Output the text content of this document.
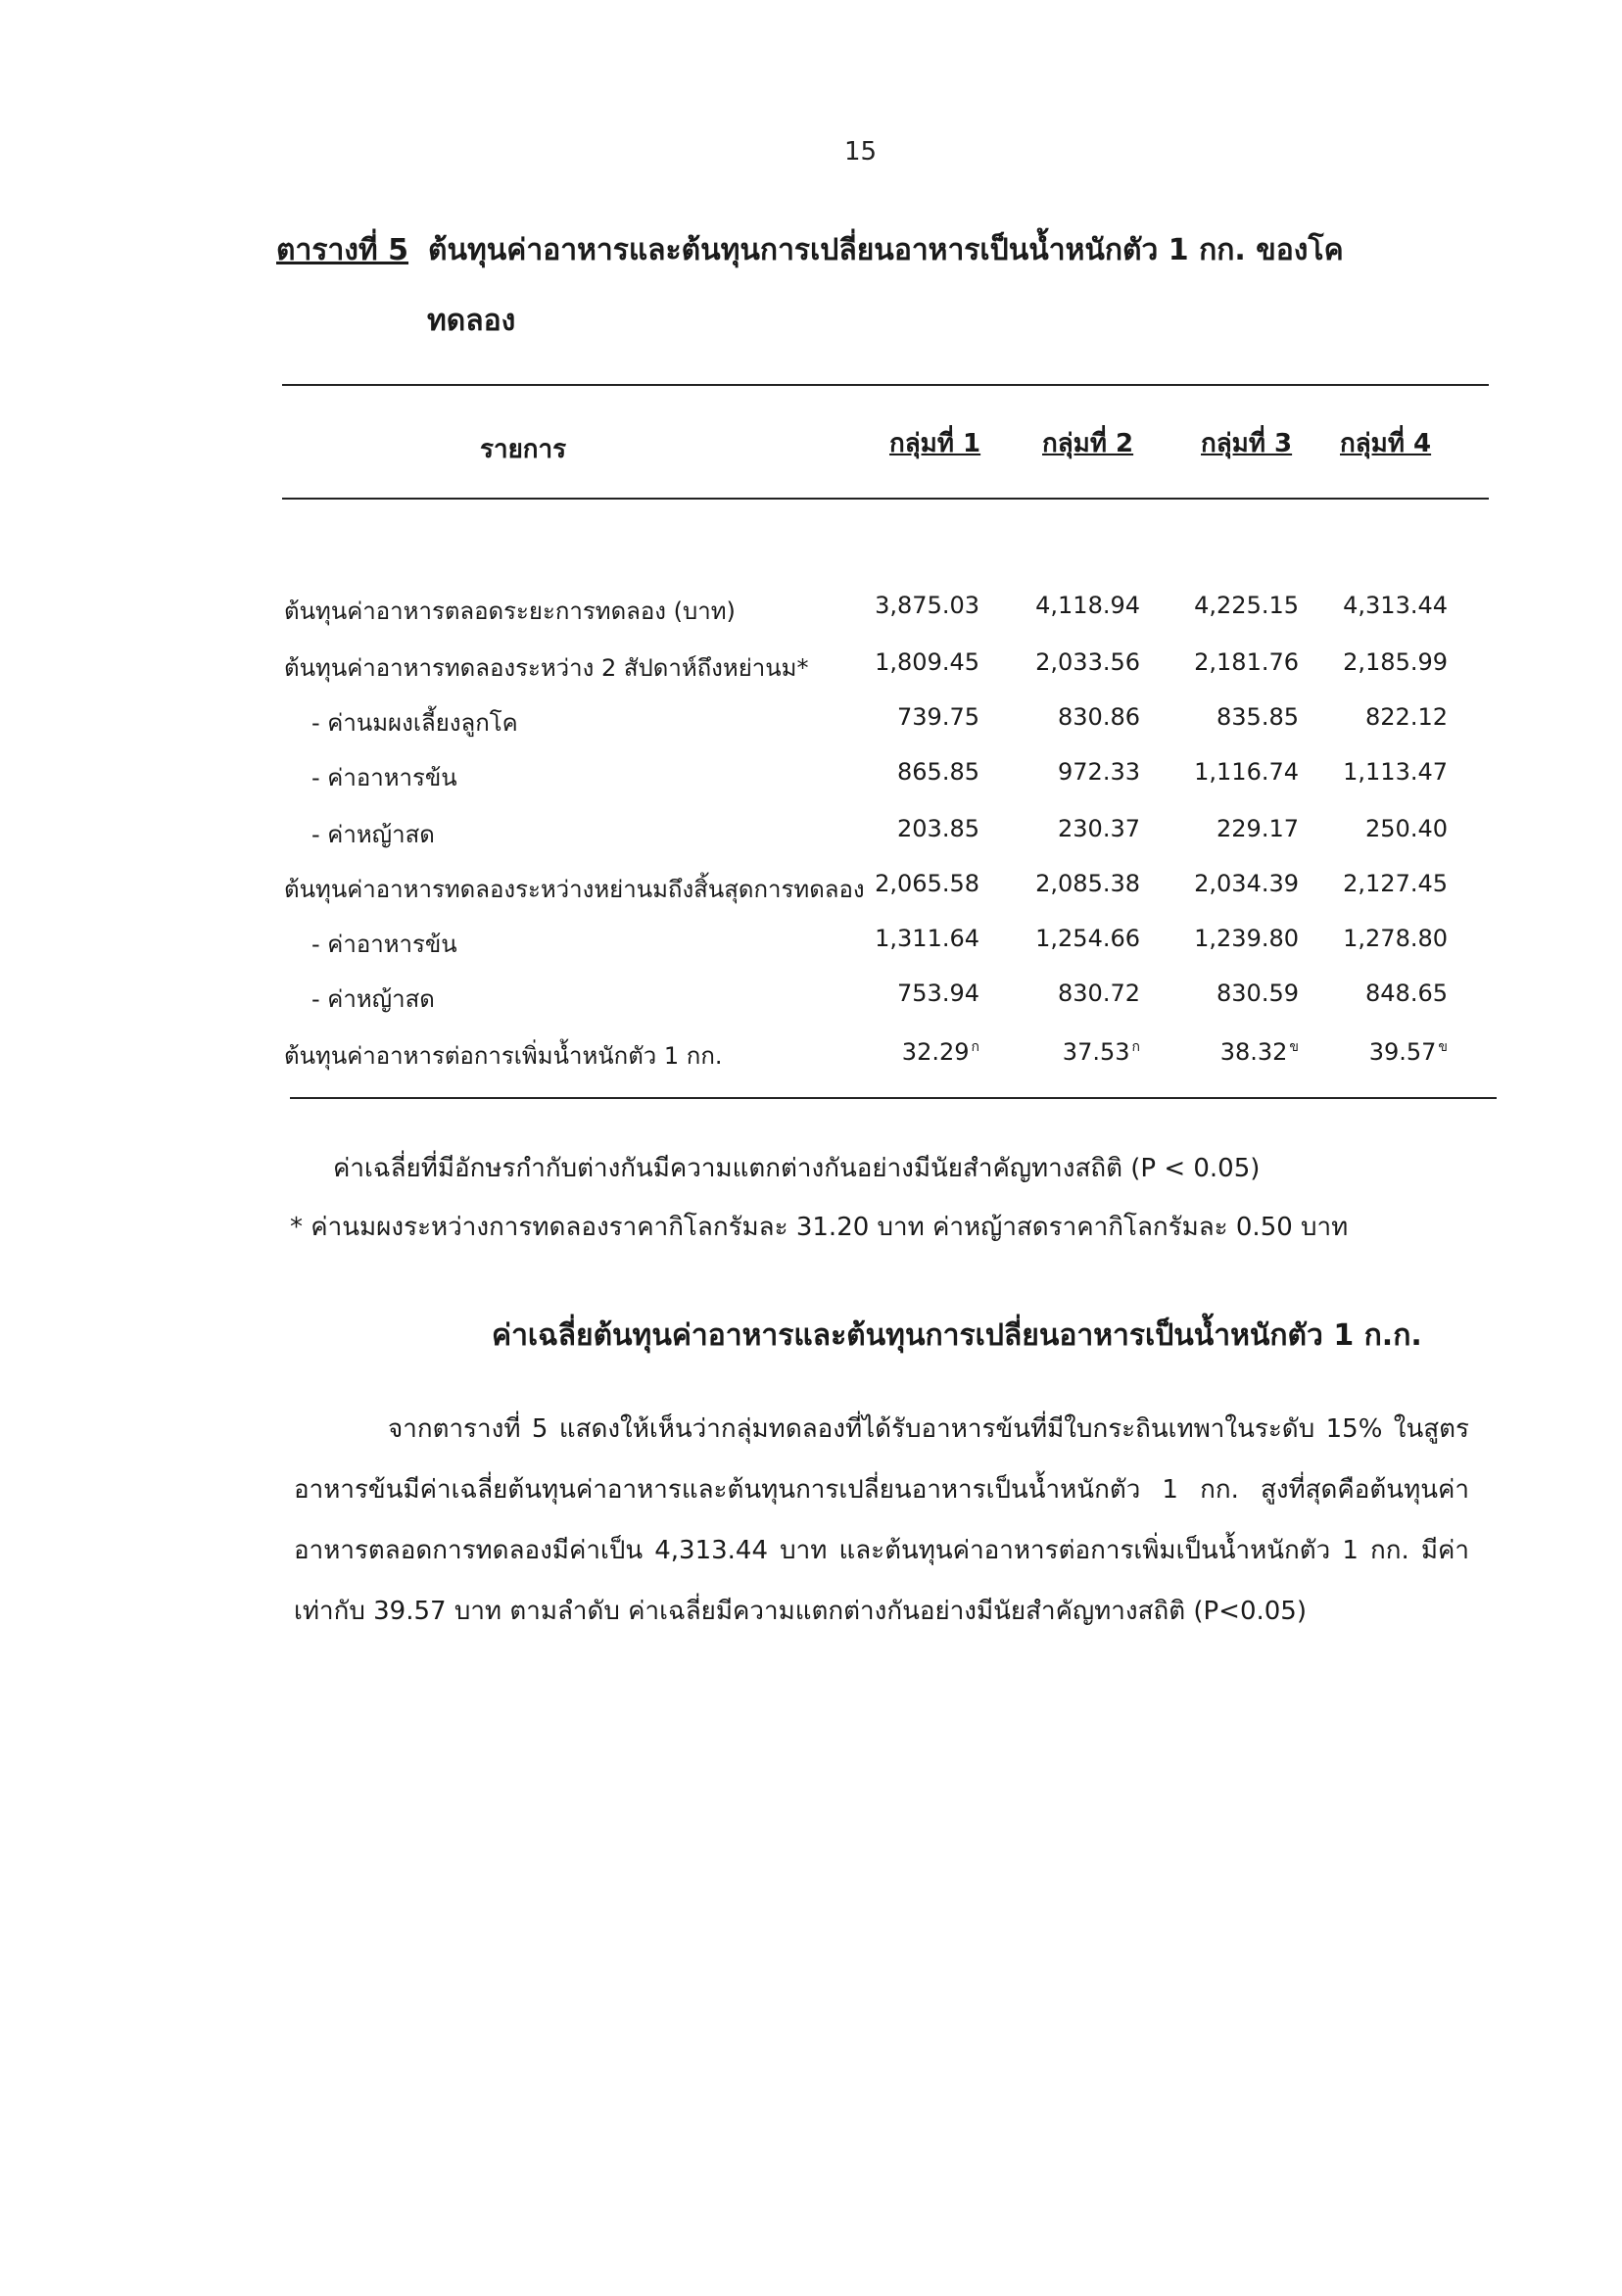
15
ตารางที่ 5 ต้นทุนค่าอาหารและต้นทุนการเปลี่ยนอาหารเป็นน้ำหนักตัว 1 กก. ของโค
ทดลอง
รายการ	กลุ่มที่ 1 กลุ่มที่ 2	กลุ่มที่ 3 กลุ่มที่ 4
ต้นทุนค่าอาหารตลอดระยะการทดลอง (บาท)	3,875.03	4,118.94	4,225.15	4,313.44
ต้นทุนค่าอาหารทดลองระหว่าง 2 สัปดาห์ถึงหย่านม*	1,809.45	2,033.56	2,181.76	2,185.99
- ค่านมผงเลี้ยงลูกโค	739.75	830.86	835.85	822.12
- ค่าอาหารข้น	865.85	972.33	1,116.74	1,113.47
- ค่าหญ้าสด	203.85	230.37	229.17	250.40
ต้นทุนค่าอาหารทดลองระหว่างหย่านมถึงสิ้นสุดการทดลอง 2,065.58	2,085.38	2,034.39	2,127.45
- ค่าอาหารข้น	1,311.64	1,254.66	1,239.80	1,278.80
- ค่าหญ้าสด	753.94	830.72	830.59	848.65
ต้นทุนค่าอาหารต่อการเพิ่มน้ำหนักตัว 1 กก.	32.29 $^ก$	37.53 $^ก$	38.32 $^ข$	39.57 $^ข$
ค่าเฉลี่ยที่มีอักษรกำกับต่างกันมีความแตกต่างกันอย่างมีนัยสำคัญทางสถิติ (P < 0.05)
* ค่านมผงระหว่างการทดลองราคากิโลกรัมละ 31.20 บาท ค่าหญ้าสดราคากิโลกรัมละ 0.50 บาท
ค่าเฉลี่ยต้นทุนค่าอาหารและต้นทุนการเปลี่ยนอาหารเป็นน้ำหนักตัว 1 ก.ก.
จากตารางที่ 5 แสดงให้เห็นว่ากลุ่มทดลองที่ได้รับอาหารข้นที่มีใบกระถินเทพาในระดับ 15% ในสูตรอาหารข้นมีค่าเฉลี่ยต้นทุนค่าอาหารและต้นทุนการเปลี่ยนอาหารเป็นน้ำหนักตัว 1 กก. สูงที่สุดคือต้นทุนค่าอาหารตลอดการทดลองมีค่าเป็น 4,313.44 บาท และต้นทุนค่าอาหารต่อการเพิ่มเป็นน้ำหนักตัว 1 กก. มีค่าเท่ากับ 39.57 บาท ตามลำดับ ค่าเฉลี่ยมีความแตกต่างกันอย่างมีนัยสำคัญทางสถิติ (P<0.05)
